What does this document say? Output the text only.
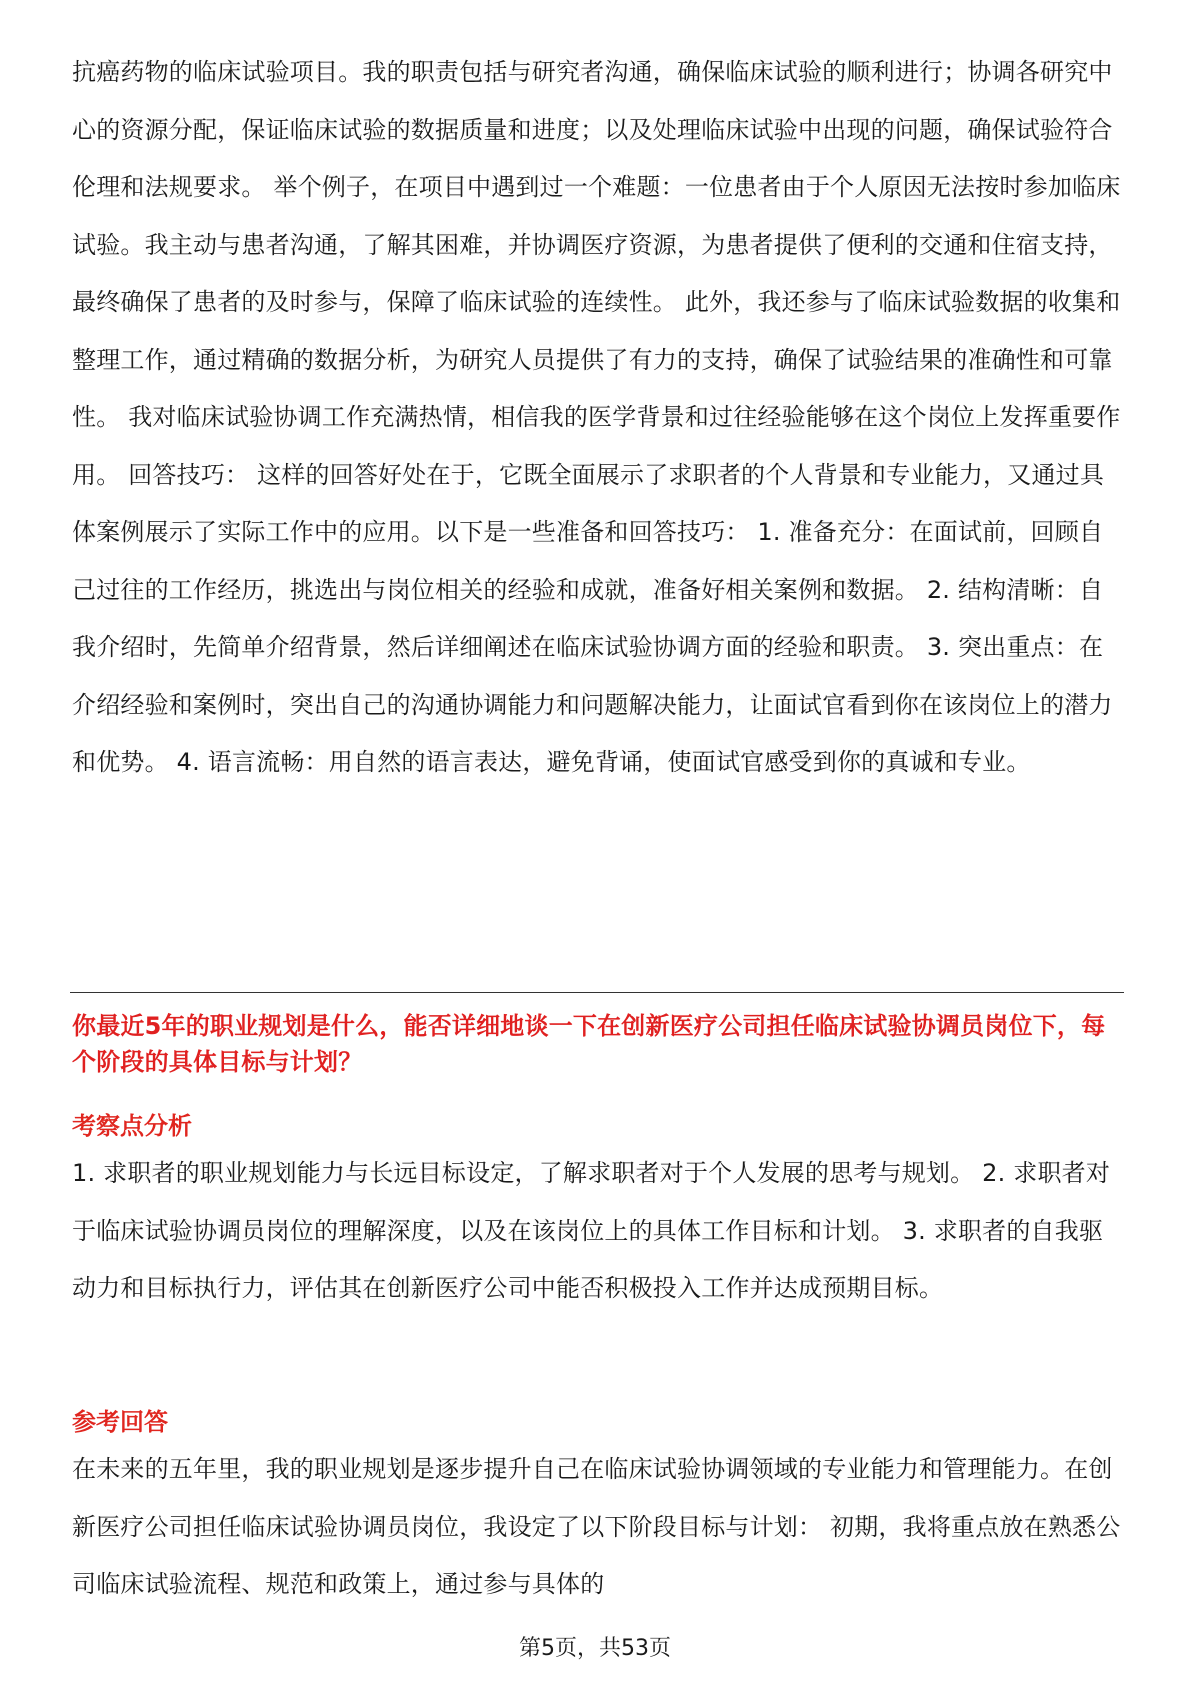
抗癌药物的临床试验项目。我的职责包括与研究者沟通，确保临床试验的顺利进行；协调各研究中心的资源分配，保证临床试验的数据质量和进度；以及处理临床试验中出现的问题，确保试验符合伦理和法规要求。 举个例子，在项目中遇到过一个难题：一位患者由于个人原因无法按时参加临床试验。我主动与患者沟通，了解其困难，并协调医疗资源，为患者提供了便利的交通和住宿支持，最终确保了患者的及时参与，保障了临床试验的连续性。 此外，我还参与了临床试验数据的收集和整理工作，通过精确的数据分析，为研究人员提供了有力的支持，确保了试验结果的准确性和可靠性。 我对临床试验协调工作充满热情，相信我的医学背景和过往经验能够在这个岗位上发挥重要作用。 回答技巧： 这样的回答好处在于，它既全面展示了求职者的个人背景和专业能力，又通过具体案例展示了实际工作中的应用。以下是一些准备和回答技巧： 1. 准备充分：在面试前，回顾自己过往的工作经历，挑选出与岗位相关的经验和成就，准备好相关案例和数据。 2. 结构清晰：自我介绍时，先简单介绍背景，然后详细阐述在临床试验协调方面的经验和职责。 3. 突出重点：在介绍经验和案例时，突出自己的沟通协调能力和问题解决能力，让面试官看到你在该岗位上的潜力和优势。 4. 语言流畅：用自然的语言表达，避免背诵，使面试官感受到你的真诚和专业。

你最近5年的职业规划是什么，能否详细地谈一下在创新医疗公司担任临床试验协调员岗位下，每个阶段的具体目标与计划？

考察点分析

1. 求职者的职业规划能力与长远目标设定，了解求职者对于个人发展的思考与规划。 2. 求职者对于临床试验协调员岗位的理解深度，以及在该岗位上的具体工作目标和计划。 3. 求职者的自我驱动力和目标执行力，评估其在创新医疗公司中能否积极投入工作并达成预期目标。

参考回答

在未来的五年里，我的职业规划是逐步提升自己在临床试验协调领域的专业能力和管理能力。在创新医疗公司担任临床试验协调员岗位，我设定了以下阶段目标与计划： 初期，我将重点放在熟悉公司临床试验流程、规范和政策上，通过参与具体的

第5页，共53页
